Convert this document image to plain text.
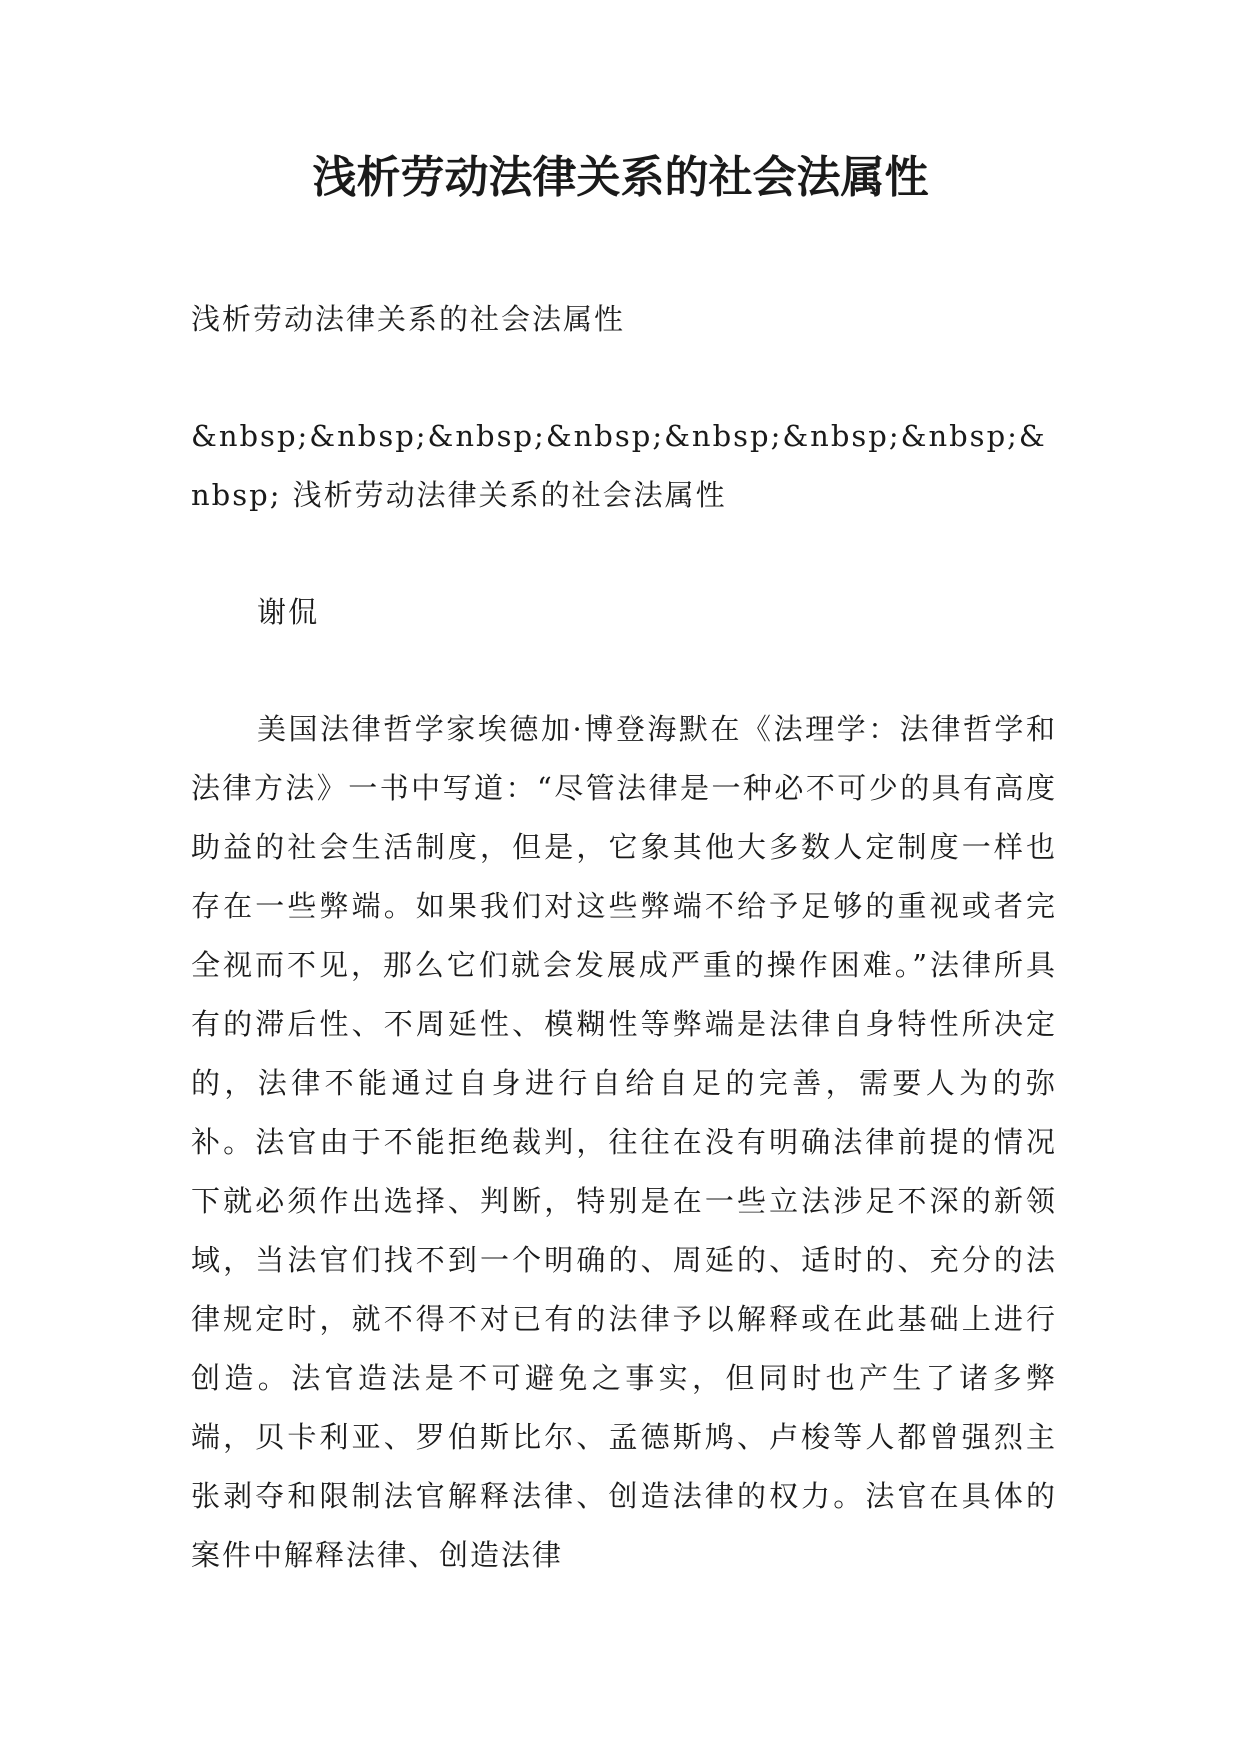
浅析劳动法律关系的社会法属性

浅析劳动法律关系的社会法属性

&nbsp;&nbsp;&nbsp;&nbsp;&nbsp;&nbsp;&nbsp;&nbsp; 浅析劳动法律关系的社会法属性

谢侃

美国法律哲学家埃德加·博登海默在《法理学：法律哲学和法律方法》一书中写道：“尽管法律是一种必不可少的具有高度助益的社会生活制度，但是，它象其他大多数人定制度一样也存在一些弊端。如果我们对这些弊端不给予足够的重视或者完全视而不见，那么它们就会发展成严重的操作困难。”法律所具有的滞后性、不周延性、模糊性等弊端是法律自身特性所决定的，法律不能通过自身进行自给自足的完善，需要人为的弥补。法官由于不能拒绝裁判，往往在没有明确法律前提的情况下就必须作出选择、判断，特别是在一些立法涉足不深的新领域，当法官们找不到一个明确的、周延的、适时的、充分的法律规定时，就不得不对已有的法律予以解释或在此基础上进行创造。法官造法是不可避免之事实，但同时也产生了诸多弊端，贝卡利亚、罗伯斯比尔、孟德斯鸠、卢梭等人都曾强烈主张剥夺和限制法官解释法律、创造法律的权力。法官在具体的案件中解释法律、创造法律
